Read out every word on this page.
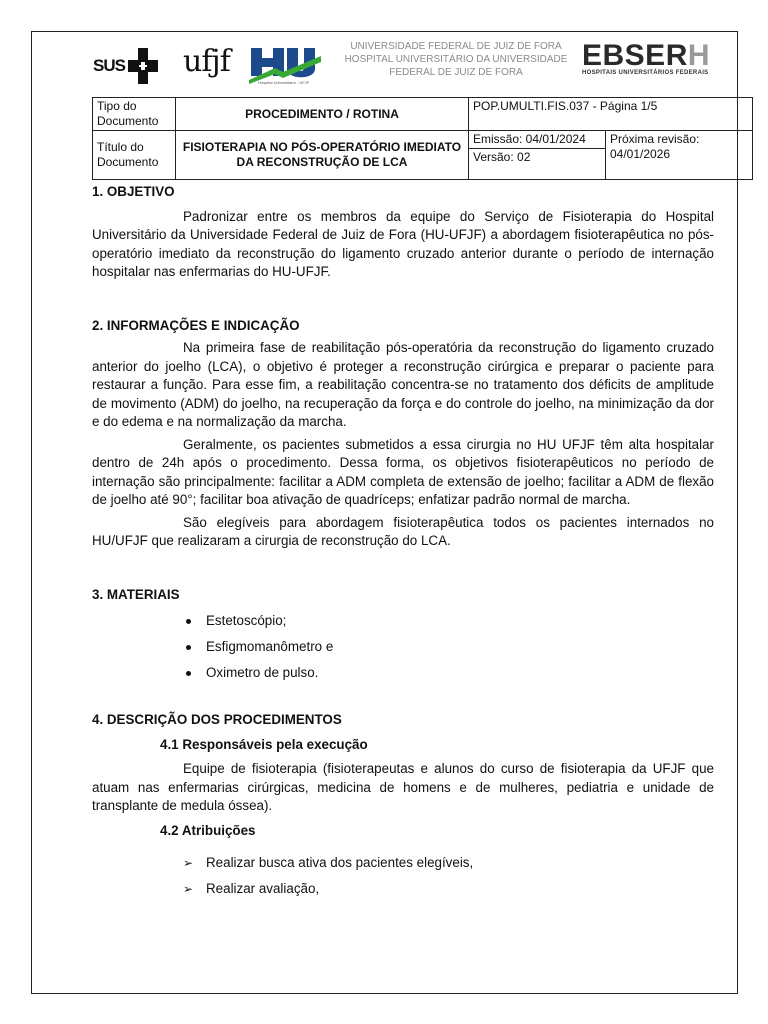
SUS ufjf
Hospital Universitário - UFJF
UNIVERSIDADE FEDERAL DE JUIZ DE FORA
HOSPITAL UNIVERSITÁRIO DA UNIVERSIDADE
FEDERAL DE JUIZ DE FORA
EBSERH
HOSPITAIS UNIVERSITÁRIOS FEDERAIS
Tipo do Documento	PROCEDIMENTO / ROTINA	POP.UMULTI.FIS.037 - Página 1/5	
Título do Documento	FISIOTERAPIA NO PÓS-OPERATÓRIO IMEDIATO DA RECONSTRUÇÃO DE LCA	Emissão: 04/01/2024	Próxima revisão: 04/01/2026
		Versão: 02	

1. OBJETIVO

Padronizar entre os membros da equipe do Serviço de Fisioterapia do Hospital Universitário da Universidade Federal de Juiz de Fora (HU-UFJF) a abordagem fisioterapêutica no pós-operatório imediato da reconstrução do ligamento cruzado anterior durante o período de internação hospitalar nas enfermarias do HU-UFJF.

2. INFORMAÇÕES E INDICAÇÃO

Na primeira fase de reabilitação pós-operatória da reconstrução do ligamento cruzado anterior do joelho (LCA), o objetivo é proteger a reconstrução cirúrgica e preparar o paciente para restaurar a função. Para esse fim, a reabilitação concentra-se no tratamento dos déficits de amplitude de movimento (ADM) do joelho, na recuperação da força e do controle do joelho, na minimização da dor e do edema e na normalização da marcha.

Geralmente, os pacientes submetidos a essa cirurgia no HU UFJF têm alta hospitalar dentro de 24h após o procedimento. Dessa forma, os objetivos fisioterapêuticos no período de internação são principalmente: facilitar a ADM completa de extensão de joelho; facilitar a ADM de flexão de joelho até 90°; facilitar boa ativação de quadríceps; enfatizar padrão normal de marcha.

São elegíveis para abordagem fisioterapêutica todos os pacientes internados no HU/UFJF que realizaram a cirurgia de reconstrução do LCA.

3. MATERIAIS

Estetoscópio;
Esfigmomanômetro e
Oximetro de pulso.

4. DESCRIÇÃO DOS PROCEDIMENTOS

4.1 Responsáveis pela execução

Equipe de fisioterapia (fisioterapeutas e alunos do curso de fisioterapia da UFJF que atuam nas enfermarias cirúrgicas, medicina de homens e de mulheres, pediatria e unidade de transplante de medula óssea).

4.2 Atribuições

➢ Realizar busca ativa dos pacientes elegíveis,
➢ Realizar avaliação,
